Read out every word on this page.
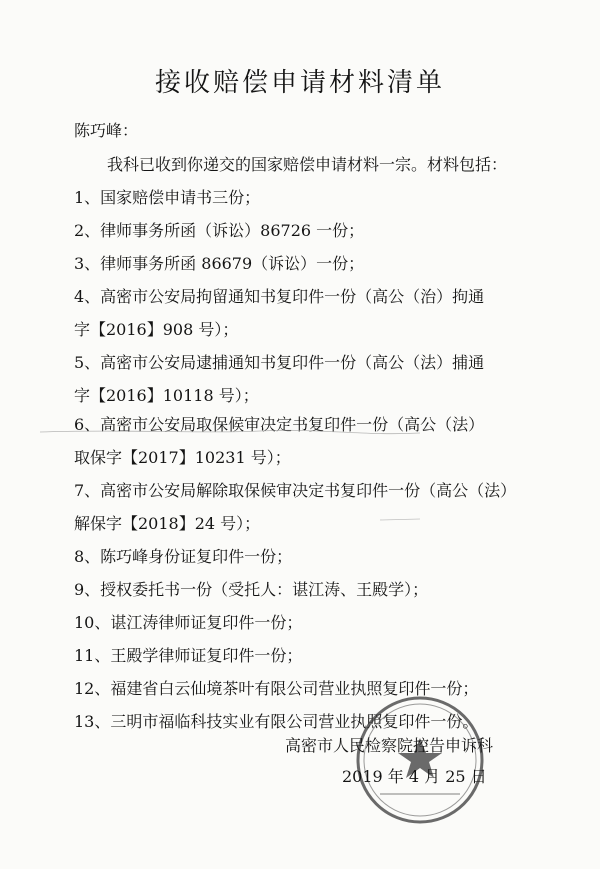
接收赔偿申请材料清单
陈巧峰：
我科已收到你递交的国家赔偿申请材料一宗。材料包括：
1、国家赔偿申请书三份；
2、律师事务所函（诉讼）86726 一份；
3、律师事务所函 86679（诉讼）一份；
4、高密市公安局拘留通知书复印件一份（高公（治）拘通
字【2016】908 号）；
5、高密市公安局逮捕通知书复印件一份（高公（法）捕通
字【2016】10118 号）；
6、高密市公安局取保候审决定书复印件一份（高公（法）
取保字【2017】10231 号）；
7、高密市公安局解除取保候审决定书复印件一份（高公（法）
解保字【2018】24 号）；
8、陈巧峰身份证复印件一份；
9、授权委托书一份（受托人：谌江涛、王殿学）；
10、谌江涛律师证复印件一份；
11、王殿学律师证复印件一份；
12、福建省白云仙境茶叶有限公司营业执照复印件一份；
13、三明市福临科技实业有限公司营业执照复印件一份。
高密市人民检察院控告申诉科
2019 年 4 月 25 日
